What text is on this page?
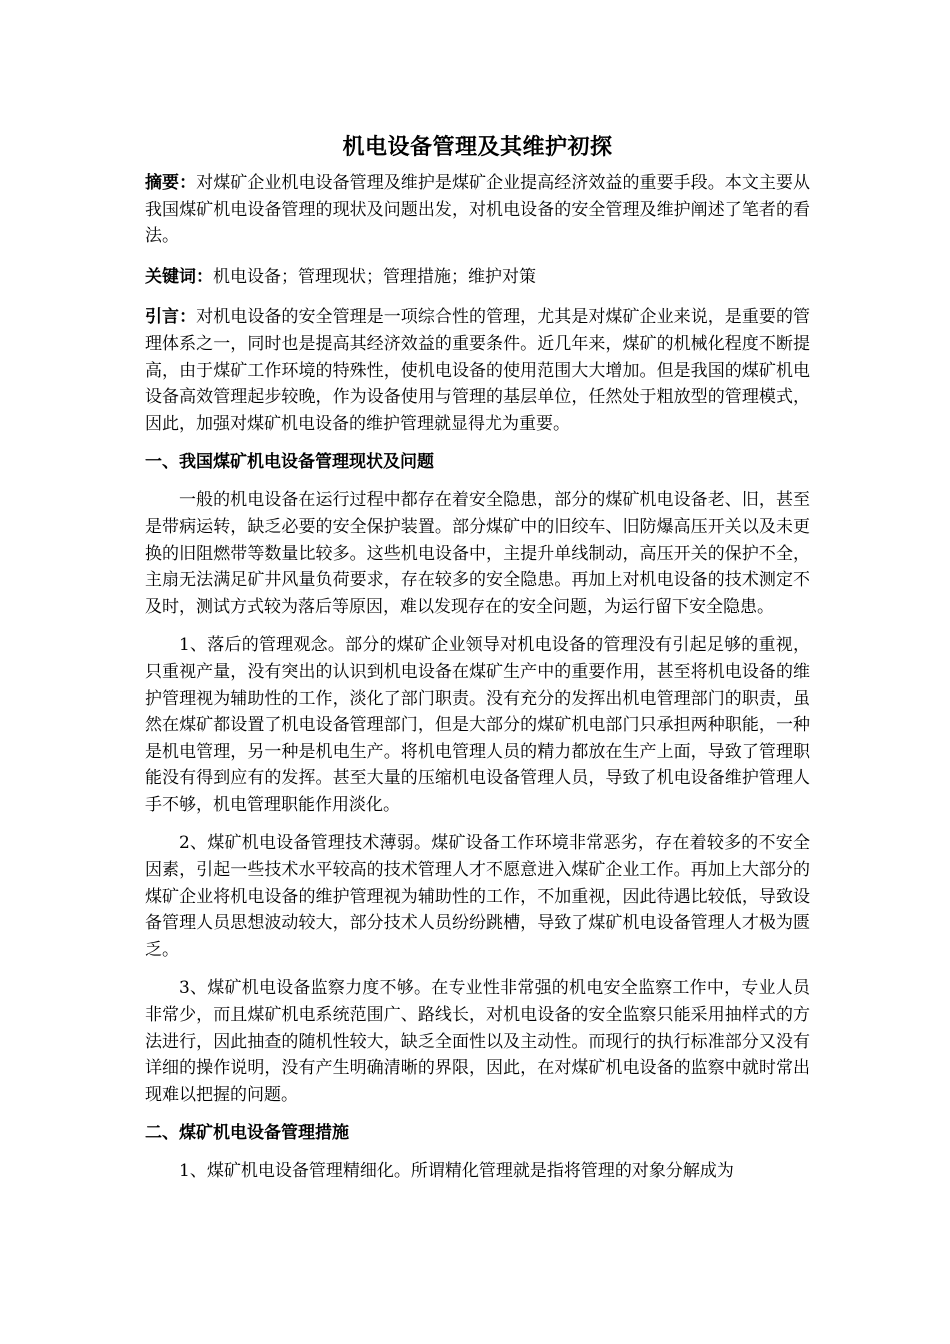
机电设备管理及其维护初探

摘要：对煤矿企业机电设备管理及维护是煤矿企业提高经济效益的重要手段。本文主要从我国煤矿机电设备管理的现状及问题出发，对机电设备的安全管理及维护阐述了笔者的看法。

关键词：机电设备；管理现状；管理措施；维护对策

引言：对机电设备的安全管理是一项综合性的管理，尤其是对煤矿企业来说，是重要的管理体系之一，同时也是提高其经济效益的重要条件。近几年来，煤矿的机械化程度不断提高，由于煤矿工作环境的特殊性，使机电设备的使用范围大大增加。但是我国的煤矿机电设备高效管理起步较晚，作为设备使用与管理的基层单位，任然处于粗放型的管理模式，因此，加强对煤矿机电设备的维护管理就显得尤为重要。

一、我国煤矿机电设备管理现状及问题

一般的机电设备在运行过程中都存在着安全隐患，部分的煤矿机电设备老、旧，甚至是带病运转，缺乏必要的安全保护装置。部分煤矿中的旧绞车、旧防爆高压开关以及未更换的旧阻燃带等数量比较多。这些机电设备中，主提升单线制动，高压开关的保护不全，主扇无法满足矿井风量负荷要求，存在较多的安全隐患。再加上对机电设备的技术测定不及时，测试方式较为落后等原因，难以发现存在的安全问题，为运行留下安全隐患。

1、落后的管理观念。部分的煤矿企业领导对机电设备的管理没有引起足够的重视，只重视产量，没有突出的认识到机电设备在煤矿生产中的重要作用，甚至将机电设备的维护管理视为辅助性的工作，淡化了部门职责。没有充分的发挥出机电管理部门的职责，虽然在煤矿都设置了机电设备管理部门，但是大部分的煤矿机电部门只承担两种职能，一种是机电管理，另一种是机电生产。将机电管理人员的精力都放在生产上面，导致了管理职能没有得到应有的发挥。甚至大量的压缩机电设备管理人员，导致了机电设备维护管理人手不够，机电管理职能作用淡化。

2、煤矿机电设备管理技术薄弱。煤矿设备工作环境非常恶劣，存在着较多的不安全因素，引起一些技术水平较高的技术管理人才不愿意进入煤矿企业工作。再加上大部分的煤矿企业将机电设备的维护管理视为辅助性的工作，不加重视，因此待遇比较低，导致设备管理人员思想波动较大，部分技术人员纷纷跳槽，导致了煤矿机电设备管理人才极为匮乏。

3、煤矿机电设备监察力度不够。在专业性非常强的机电安全监察工作中，专业人员非常少，而且煤矿机电系统范围广、路线长，对机电设备的安全监察只能采用抽样式的方法进行，因此抽查的随机性较大，缺乏全面性以及主动性。而现行的执行标准部分又没有详细的操作说明，没有产生明确清晰的界限，因此，在对煤矿机电设备的监察中就时常出现难以把握的问题。

二、煤矿机电设备管理措施

1、煤矿机电设备管理精细化。所谓精化管理就是指将管理的对象分解成为
